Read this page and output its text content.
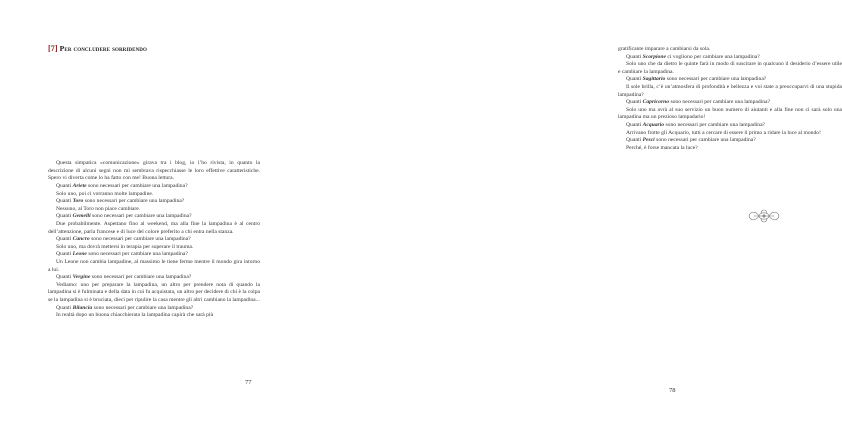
[7] Per concludere sorridendo

Questa simpatica «comunicazione» girava tra i blog, io l’ho rivista, in quanto la descrizione di alcuni segni non mi sembrava rispecchiasse le loro effettive caratteristiche. Spero vi diverta come lo ha fatto con me! Buona lettura.

Quanti Ariete sono necessari per cambiare una lampadina?

Solo uno, poi ci vorranno molte lampadine.

Quanti Toro sono necessari per cambiare una lampadina?

Nessuno, al Toro non piace cambiare.

Quanti Gemelli sono necessari per cambiare una lampadina?

Due probabilmente. Aspettano fino al weekend, ma alla fine la lampadina è al centro dell’attenzione, parla francese e di luce del colore preferito a chi entra nella stanza.

Quanti Cancro sono necessari per cambiare una lampadina?

Solo uno, ma dovrà mettersi in terapia per superare il trauma.

Quanti Leone sono necessari per cambiare una lampadina?

Un Leone non cambia lampadine, al massimo le tiene ferme mentre il mondo gira intorno a lui.

Quanti Vergine sono necessari per cambiare una lampadina?

Vediamo: uno per preparare la lampadina, un altro per prendere nota di quando la lampadina si è fulminata e della data in cui fu acquistata, un altro per decidere di chi è la colpa se la lampadina si è bruciata, dieci per ripulire la casa mentre gli altri cambiano la lampadina...

Quanti Bilancia sono necessari per cambiare una lampadina?

In realtà dopo un buona chiacchierata la lampadina capirà che sarà più

77

gratificante impararе a cambiarsi da sola.

Quanti Scorpione ci vogliono per cambiare una lampadina?

Solo uno che da dietro le quinte farà in modo di suscitare in qualcuno il desiderio d’essere utile e cambiare la lampadina.

Quanti Sagittario sono necessari per cambiare una lampadina?

Il sole brilla, c’è un’atmosfera di profondità e bellezza e voi state a preoccuparvi di una stupida lampadina?

Quanti Capricorno sono necessari per cambiare una lampadina?

Solo uno ma avrà al suo servizio un buon numero di aiutanti e alla fine non ci sarà solo una lampadina ma un prezioso lampadario!

Quanti Acquario sono necessari per cambiare una lampadina?

Arrivano frotte gli Acquario, tutti a cercare di essere il primo a ridare la luce al mondo!

Quanti Pesci sono necessari per cambiare una lampadina?

Perché, è forse mancata la luce?

78
